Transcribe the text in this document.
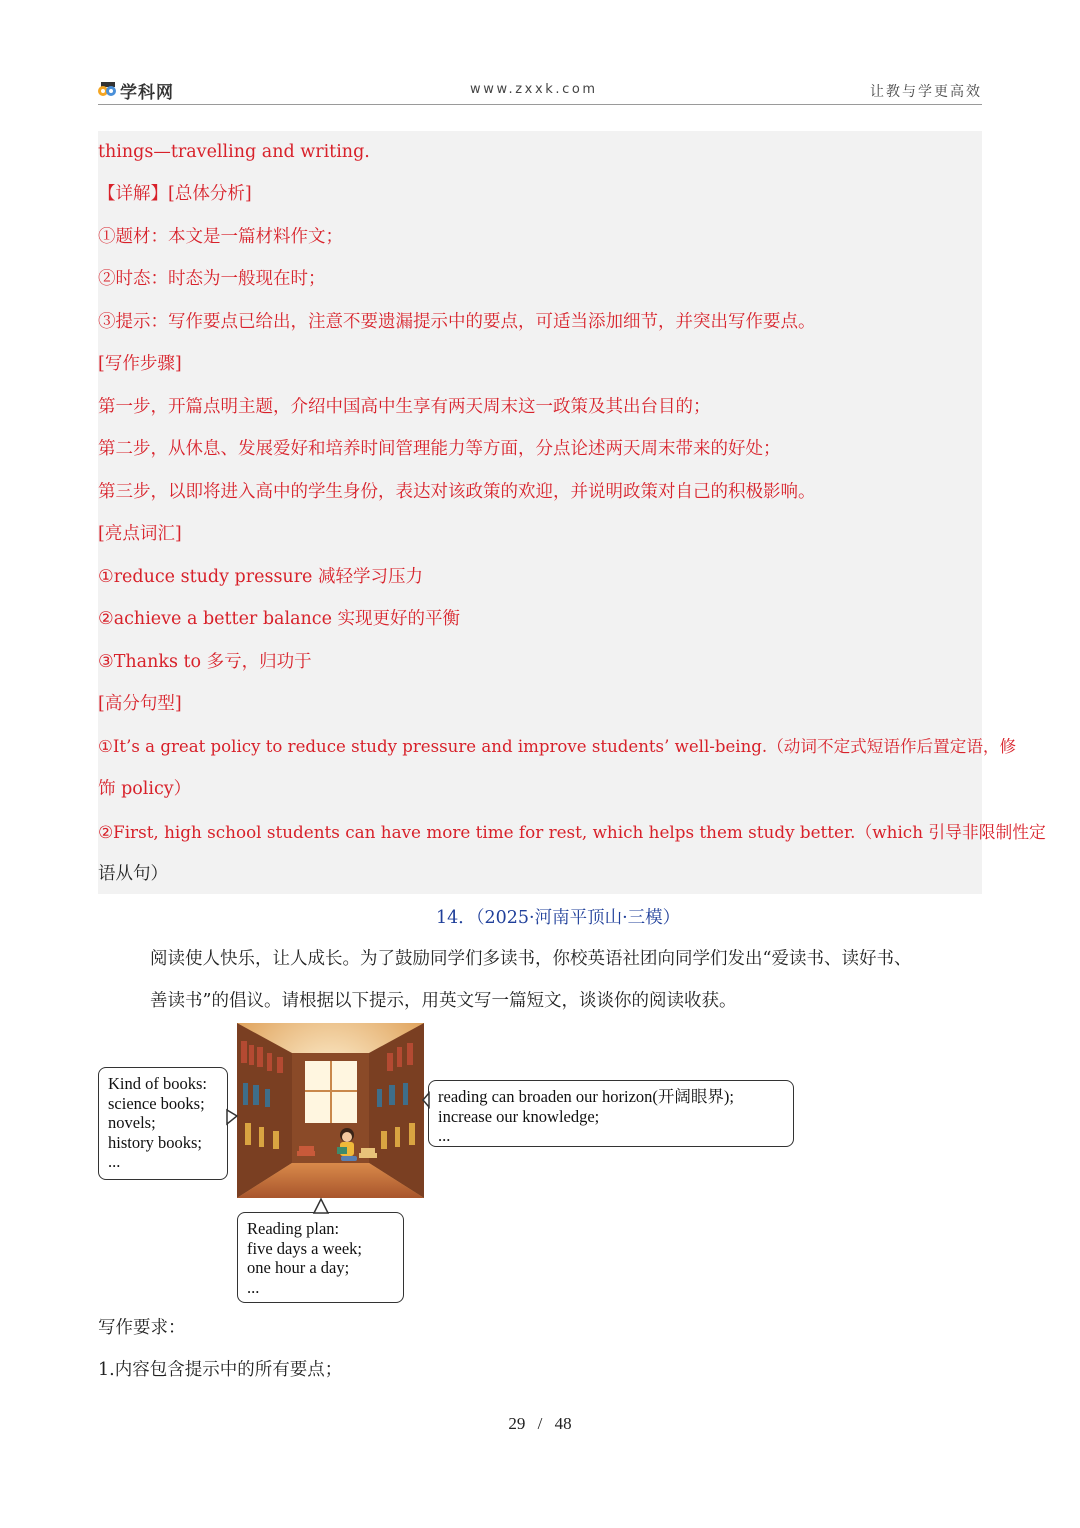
学科网	www.zxxk.com	让教与学更高效
things—travelling and writing.
【详解】[总体分析]
①题材：本文是一篇材料作文；
②时态：时态为一般现在时；
③提示：写作要点已给出，注意不要遗漏提示中的要点，可适当添加细节，并突出写作要点。
[写作步骤]
第一步，开篇点明主题，介绍中国高中生享有两天周末这一政策及其出台目的；
第二步，从休息、发展爱好和培养时间管理能力等方面，分点论述两天周末带来的好处；
第三步，以即将进入高中的学生身份，表达对该政策的欢迎，并说明政策对自己的积极影响。
[亮点词汇]
①reduce study pressure 减轻学习压力
②achieve a better balance 实现更好的平衡
③Thanks to 多亏，归功于
[高分句型]
①It’s a great policy to reduce study pressure and improve students’ well-being.（动词不定式短语作后置定语，修
饰 policy）
②First, high school students can have more time for rest, which helps them study better.（which 引导非限制性定
语从句）
14．（2025·河南平顶山·三模）
阅读使人快乐，让人成长。为了鼓励同学们多读书，你校英语社团向同学们发出“爱读书、读好书、
善读书”的倡议。请根据以下提示，用英文写一篇短文，谈谈你的阅读收获。
Kind of books:
science books;
novels;
history books;
...
reading can broaden our horizon(开阔眼界);
increase our knowledge;
...
Reading plan:
five days a week;
one hour a day;
...
写作要求：
1.内容包含提示中的所有要点；
29 / 48
